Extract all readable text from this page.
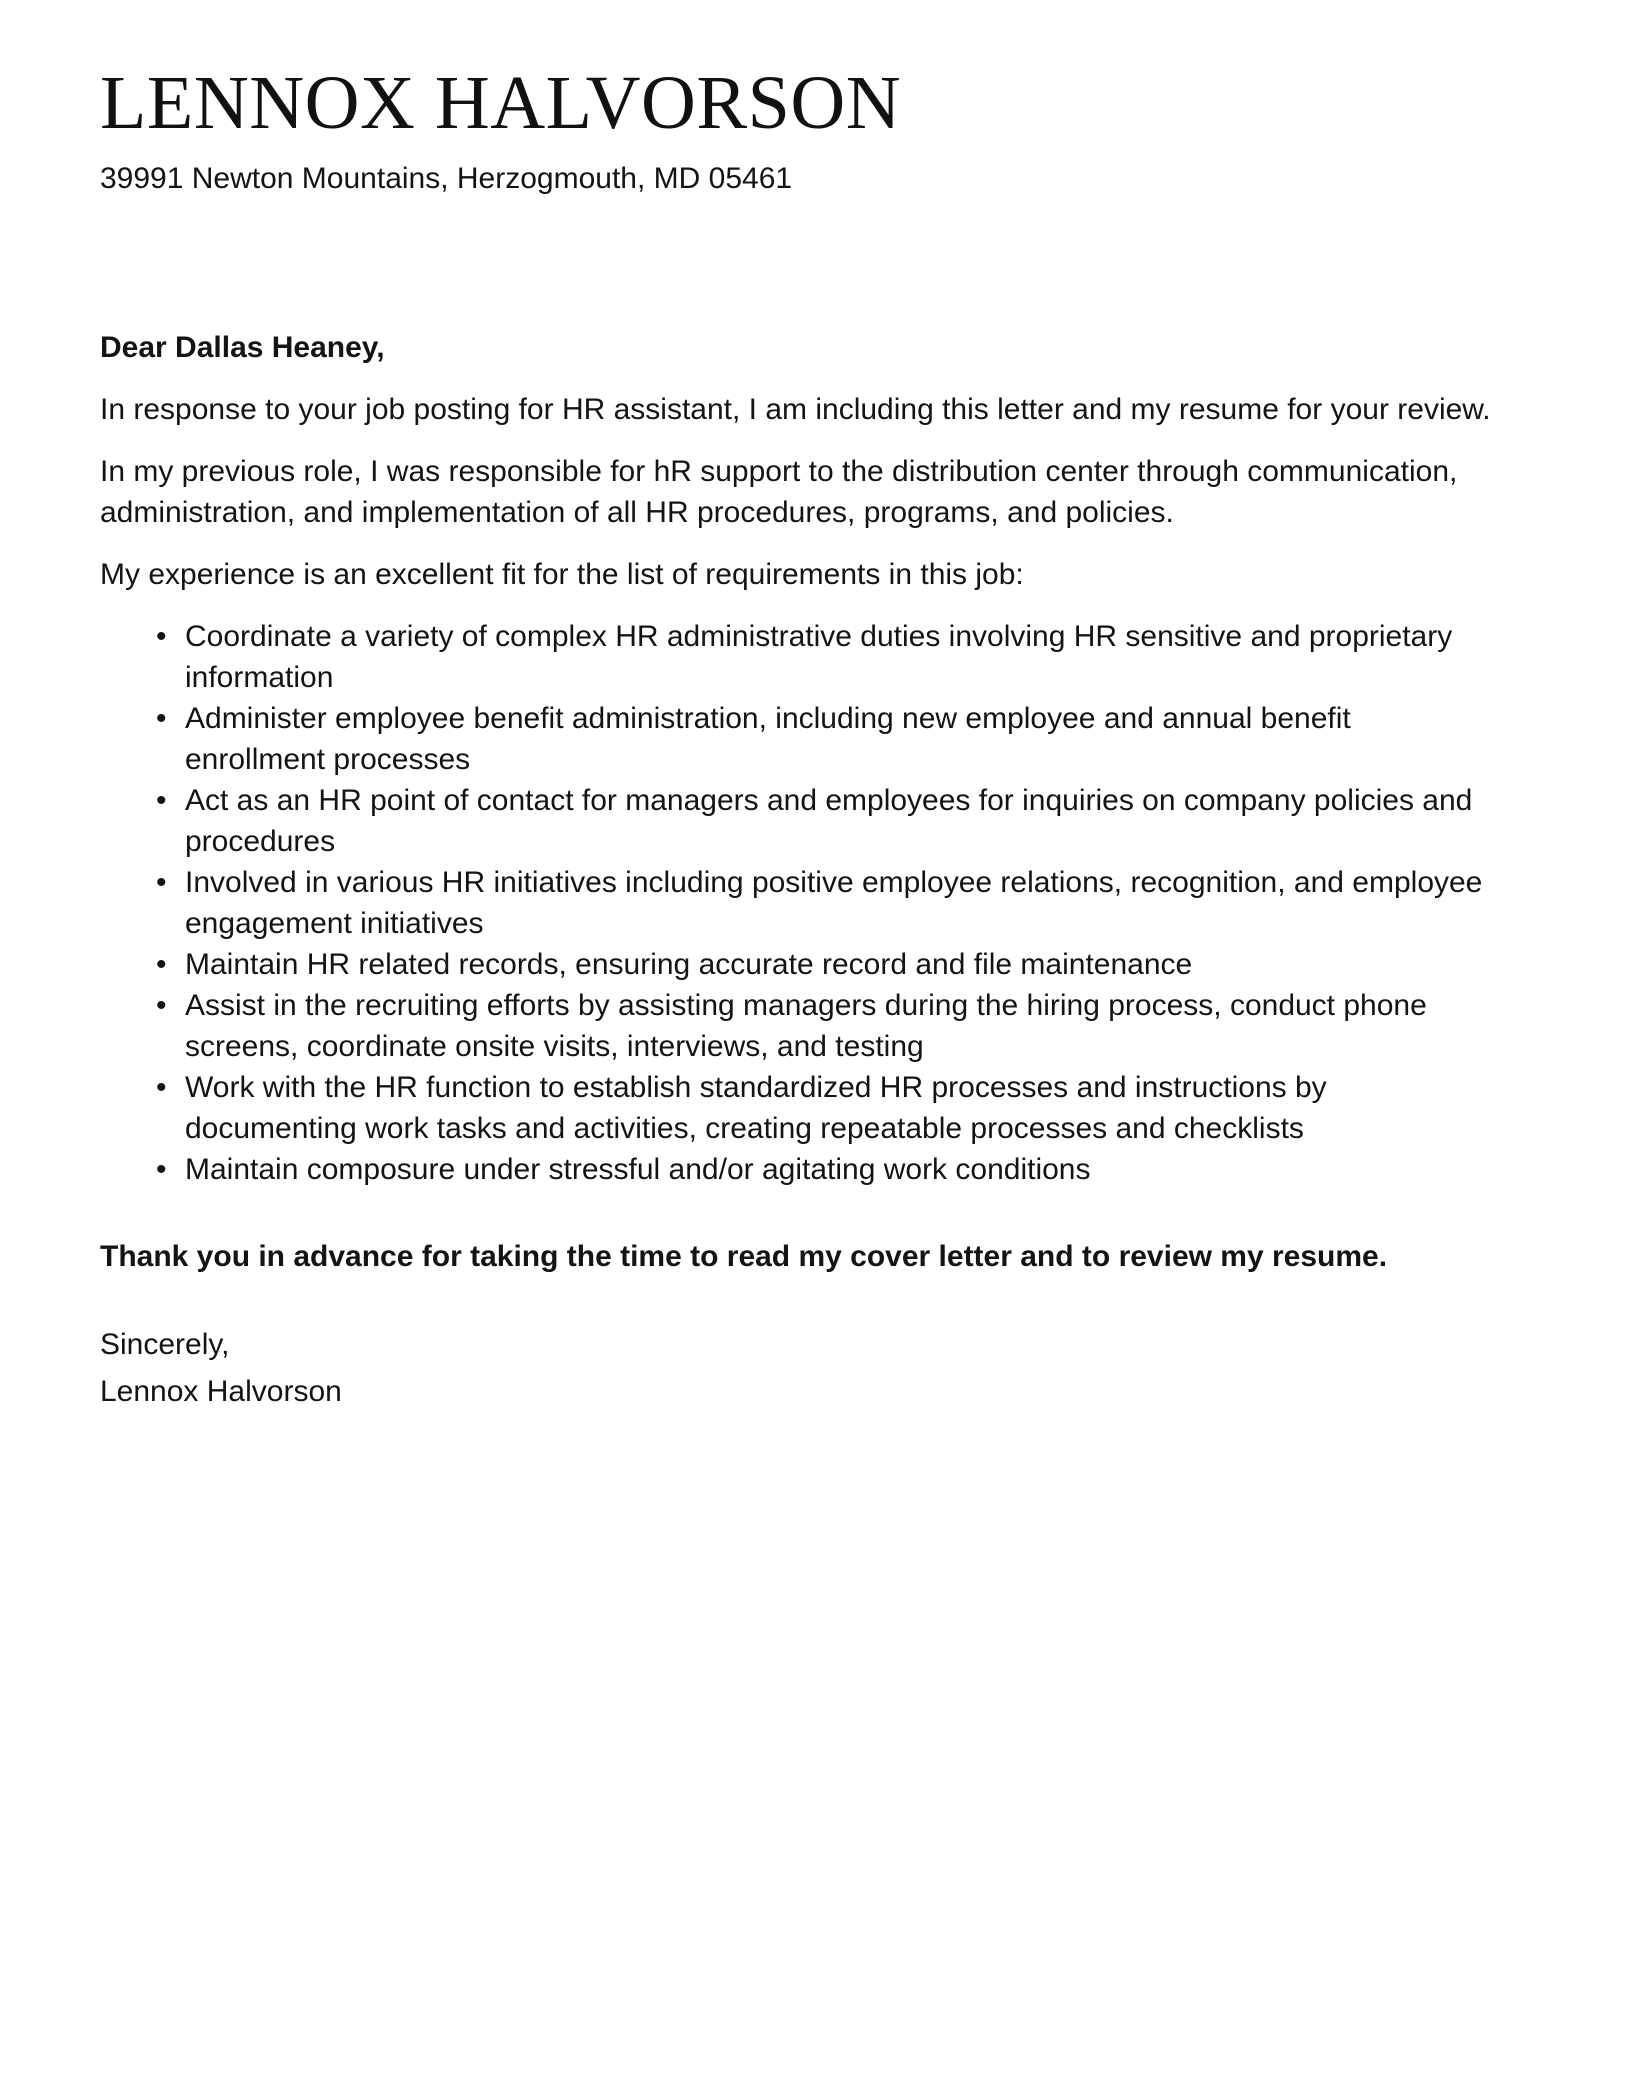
LENNOX HALVORSON
39991 Newton Mountains, Herzogmouth, MD 05461

Dear Dallas Heaney,

In response to your job posting for HR assistant, I am including this letter and my resume for your review.

In my previous role, I was responsible for hR support to the distribution center through communication, administration, and implementation of all HR procedures, programs, and policies.

My experience is an excellent fit for the list of requirements in this job:

• Coordinate a variety of complex HR administrative duties involving HR sensitive and proprietary information
• Administer employee benefit administration, including new employee and annual benefit enrollment processes
• Act as an HR point of contact for managers and employees for inquiries on company policies and procedures
• Involved in various HR initiatives including positive employee relations, recognition, and employee engagement initiatives
• Maintain HR related records, ensuring accurate record and file maintenance
• Assist in the recruiting efforts by assisting managers during the hiring process, conduct phone screens, coordinate onsite visits, interviews, and testing
• Work with the HR function to establish standardized HR processes and instructions by documenting work tasks and activities, creating repeatable processes and checklists
• Maintain composure under stressful and/or agitating work conditions

Thank you in advance for taking the time to read my cover letter and to review my resume.

Sincerely,
Lennox Halvorson
